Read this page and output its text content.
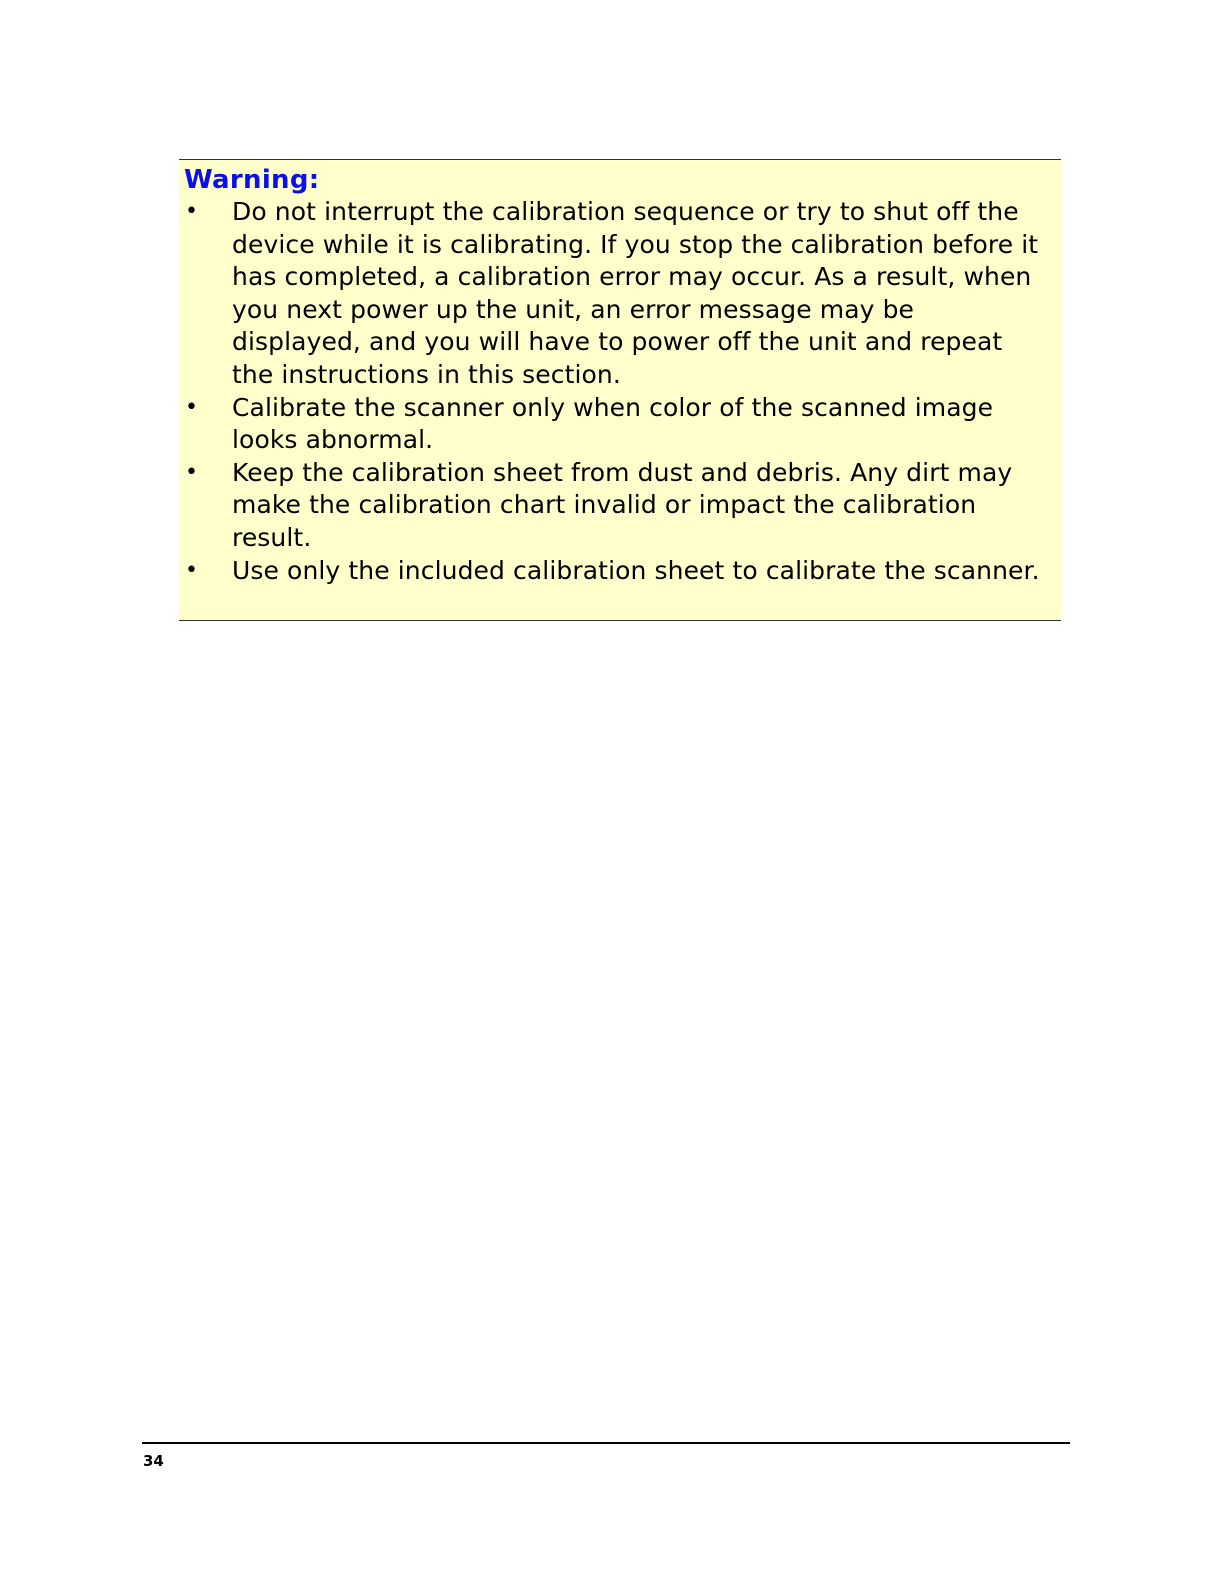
Warning:

• Do not interrupt the calibration sequence or try to shut off the device while it is calibrating. If you stop the calibration before it has completed, a calibration error may occur. As a result, when you next power up the unit, an error message may be displayed, and you will have to power off the unit and repeat the instructions in this section.
• Calibrate the scanner only when color of the scanned image looks abnormal.
• Keep the calibration sheet from dust and debris. Any dirt may make the calibration chart invalid or impact the calibration result.
• Use only the included calibration sheet to calibrate the scanner.
34
